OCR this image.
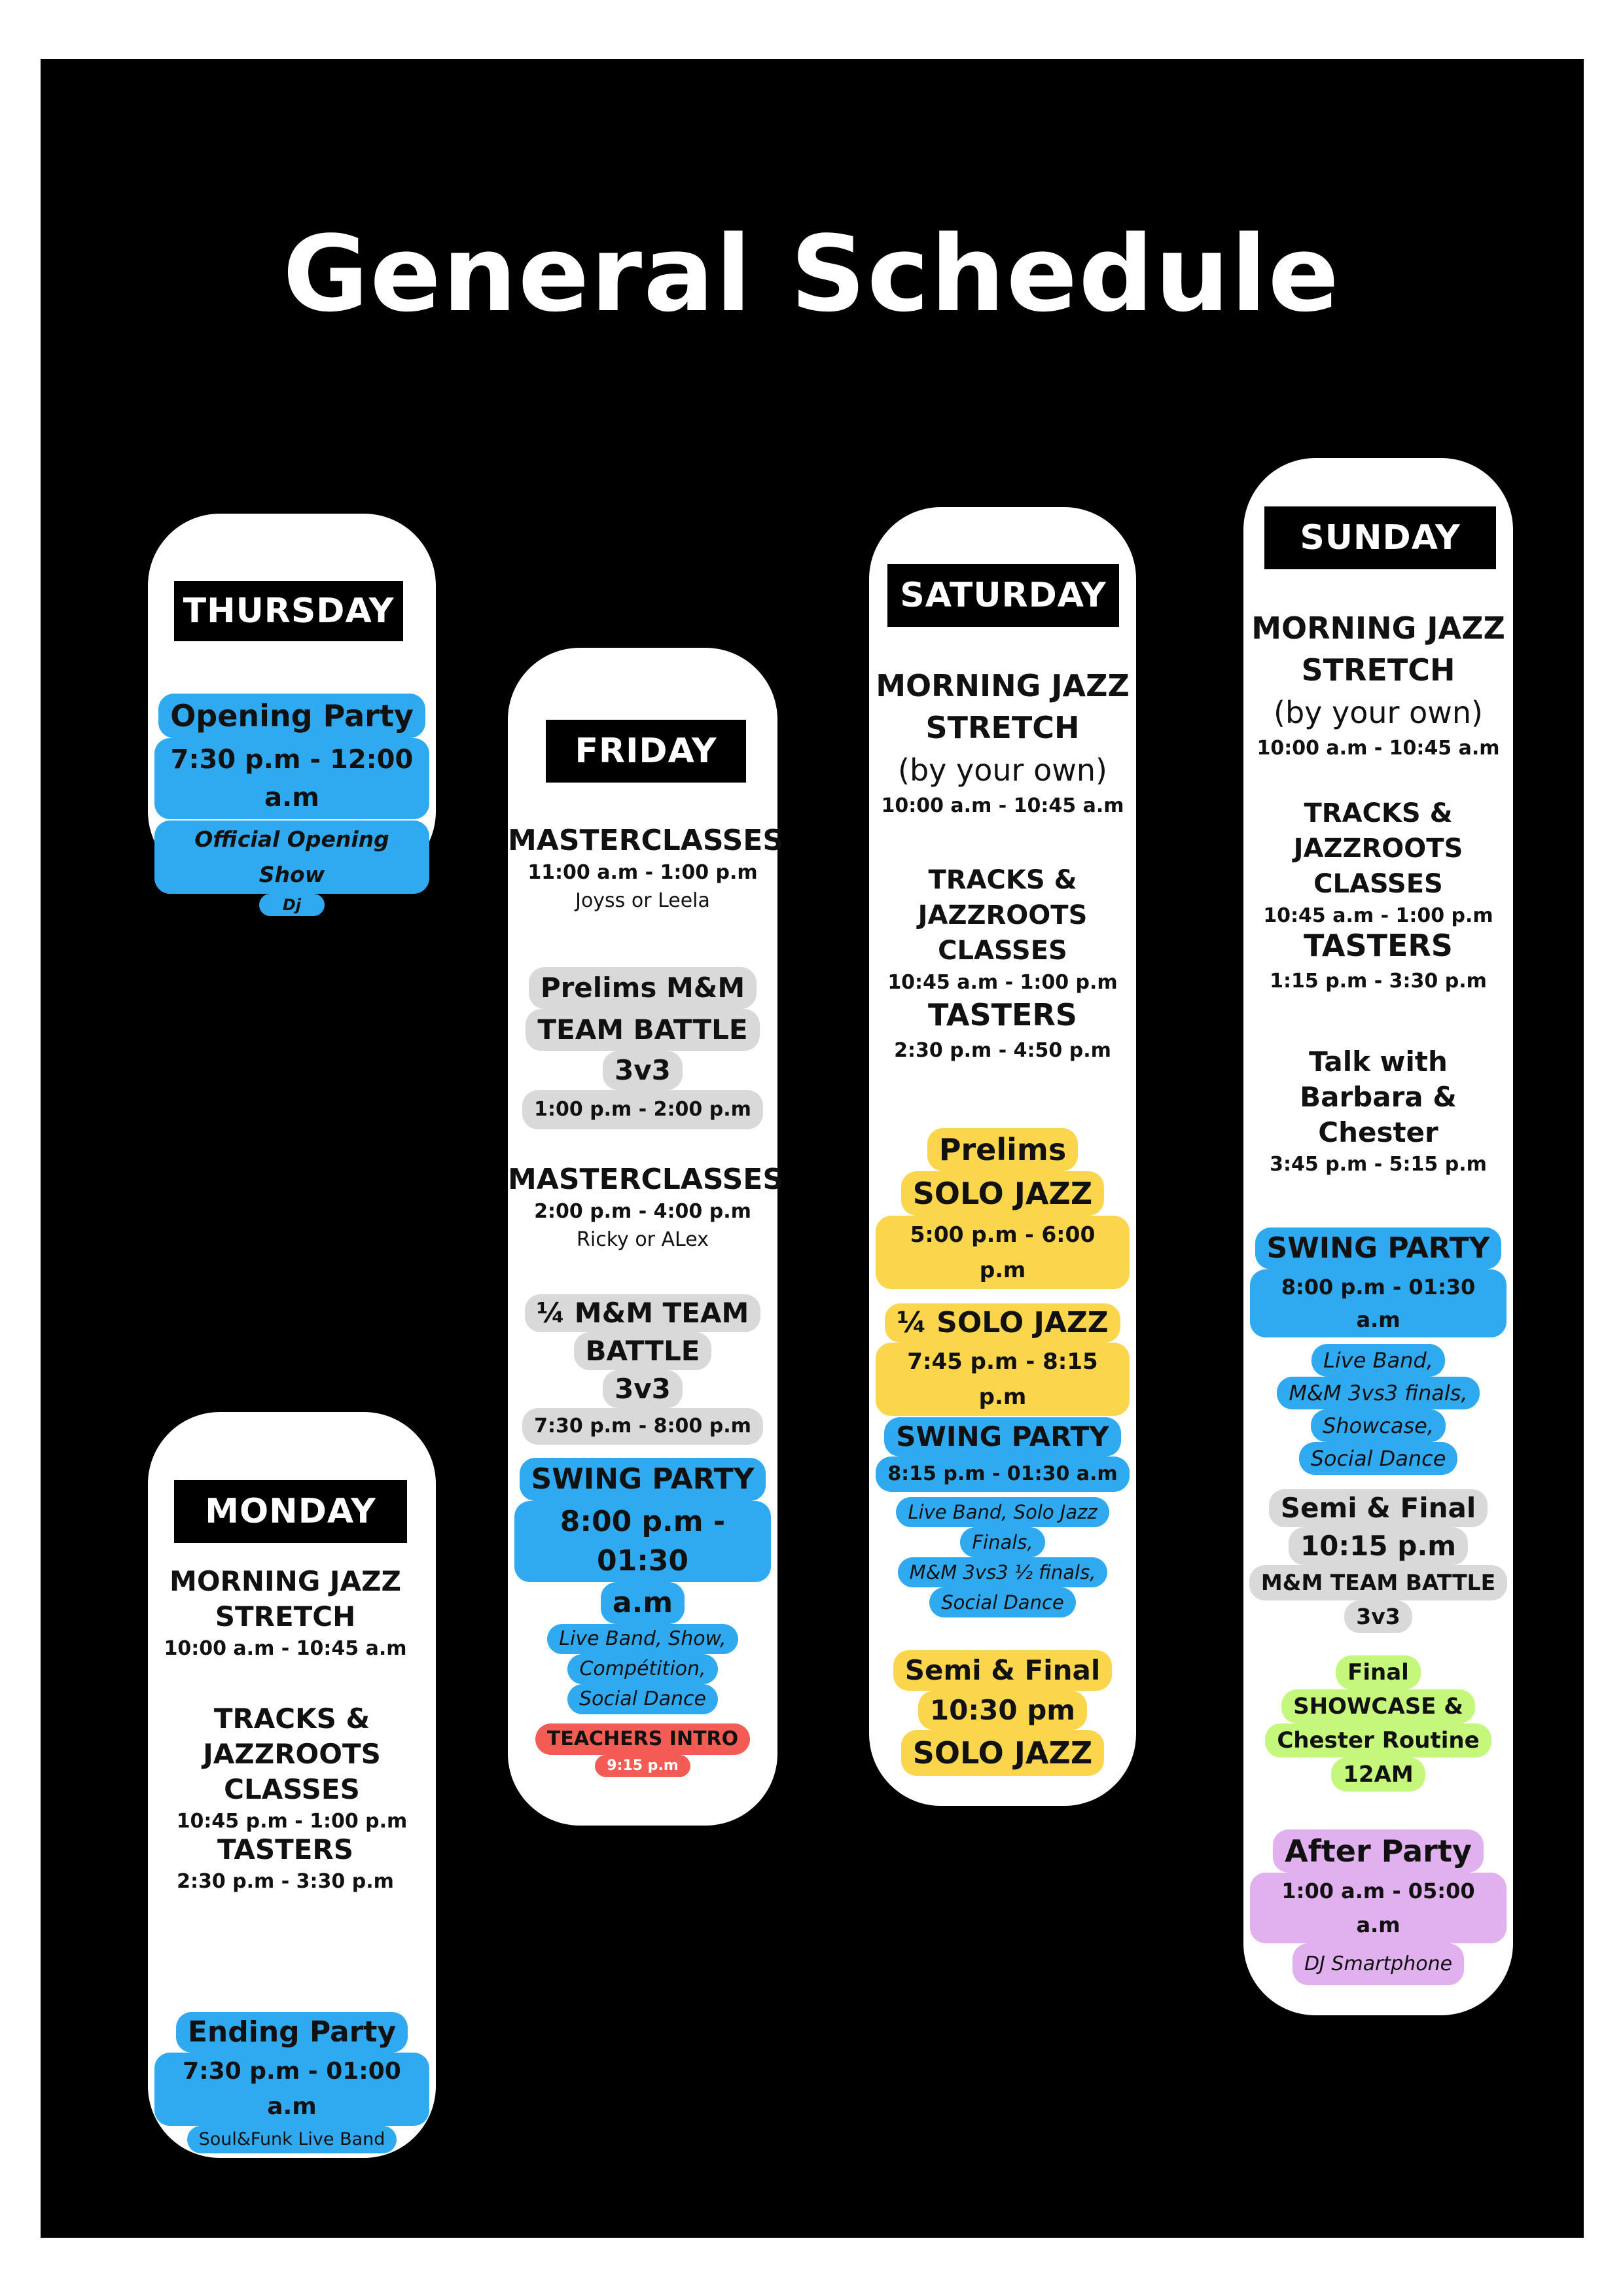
General Schedule
THURSDAY
Opening Party
7:30 p.m - 12:00 a.m
Official Opening Show
Dj
MONDAY
MORNING JAZZ
STRETCH
10:00 a.m - 10:45 a.m
TRACKS & JAZZROOTS
CLASSES
10:45 p.m - 1:00 p.m
TASTERS
2:30 p.m - 3:30 p.m
Ending Party
7:30 p.m - 01:00 a.m
Soul&Funk Live Band
FRIDAY
MASTERCLASSES
11:00 a.m - 1:00 p.m
Joyss or Leela
Prelims M&M
TEAM BATTLE
3v3
1:00 p.m - 2:00 p.m
MASTERCLASSES
2:00 p.m - 4:00 p.m
Ricky or ALex
¼ M&M TEAM
BATTLE
3v3
7:30 p.m - 8:00 p.m
SWING PARTY
8:00 p.m - 01:30
a.m
Live Band, Show,
Compétition,
Social Dance
TEACHERS INTRO
9:15 p.m
SATURDAY
MORNING JAZZ
STRETCH
(by your own)
10:00 a.m - 10:45 a.m
TRACKS &
JAZZROOTS CLASSES
10:45 a.m - 1:00 p.m
TASTERS
2:30 p.m - 4:50 p.m
Prelims
SOLO JAZZ
5:00 p.m - 6:00 p.m
¼ SOLO JAZZ
7:45 p.m - 8:15 p.m
SWING PARTY
8:15 p.m - 01:30 a.m
Live Band, Solo Jazz
Finals,
M&M 3vs3 ½ finals,
Social Dance
Semi & Final
10:30 pm
SOLO JAZZ
SUNDAY
MORNING JAZZ
STRETCH
(by your own)
10:00 a.m - 10:45 a.m
TRACKS &
JAZZROOTS CLASSES
10:45 a.m - 1:00 p.m
TASTERS
1:15 p.m - 3:30 p.m
Talk with
Barbara &
Chester
3:45 p.m - 5:15 p.m
SWING PARTY
8:00 p.m - 01:30 a.m
Live Band,
M&M 3vs3 finals,
Showcase,
Social Dance
Semi & Final
10:15 p.m
M&M TEAM BATTLE
3v3
Final
SHOWCASE &
Chester Routine
12AM
After Party
1:00 a.m - 05:00 a.m
DJ Smartphone
